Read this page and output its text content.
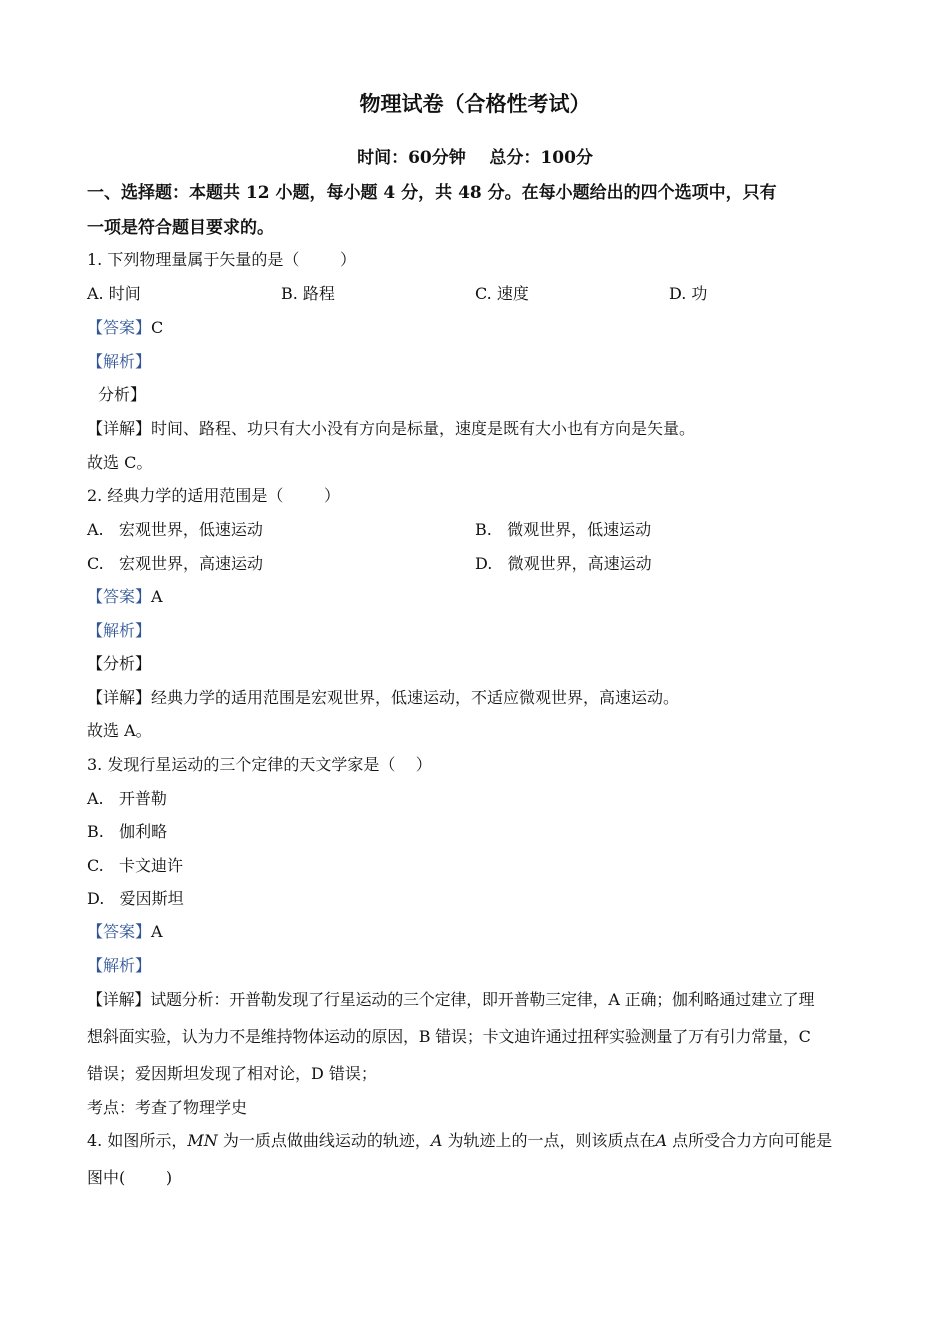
物理试卷（合格性考试）
时间：60分钟    总分：100分
一、选择题：本题共 12 小题，每小题 4 分，共 48 分。在每小题给出的四个选项中，只有
一项是符合题目要求的。
1. 下列物理量属于矢量的是（        ）
A. 时间	B. 路程	C. 速度	D. 功
【答案】C
【解析】
分析】
【详解】时间、路程、功只有大小没有方向是标量，速度是既有大小也有方向是矢量。
故选 C。
2. 经典力学的适用范围是（        ）
A.   宏观世界，低速运动	B.   微观世界，低速运动
C.   宏观世界，高速运动	D.   微观世界，高速运动
【答案】A
【解析】
【分析】
【详解】经典力学的适用范围是宏观世界，低速运动，不适应微观世界，高速运动。
故选 A。
3. 发现行星运动的三个定律的天文学家是（    ）
A.   开普勒
B.   伽利略
C.   卡文迪许
D.   爱因斯坦
【答案】A
【解析】
【详解】试题分析：开普勒发现了行星运动的三个定律，即开普勒三定律，A 正确；伽利略通过建立了理
想斜面实验，认为力不是维持物体运动的原因，B 错误；卡文迪许通过扭秤实验测量了万有引力常量，C
错误；爱因斯坦发现了相对论，D 错误；
考点：考查了物理学史
4. 如图所示，MN 为一质点做曲线运动的轨迹，A 为轨迹上的一点，则该质点在A 点所受合力方向可能是
图中(        )
